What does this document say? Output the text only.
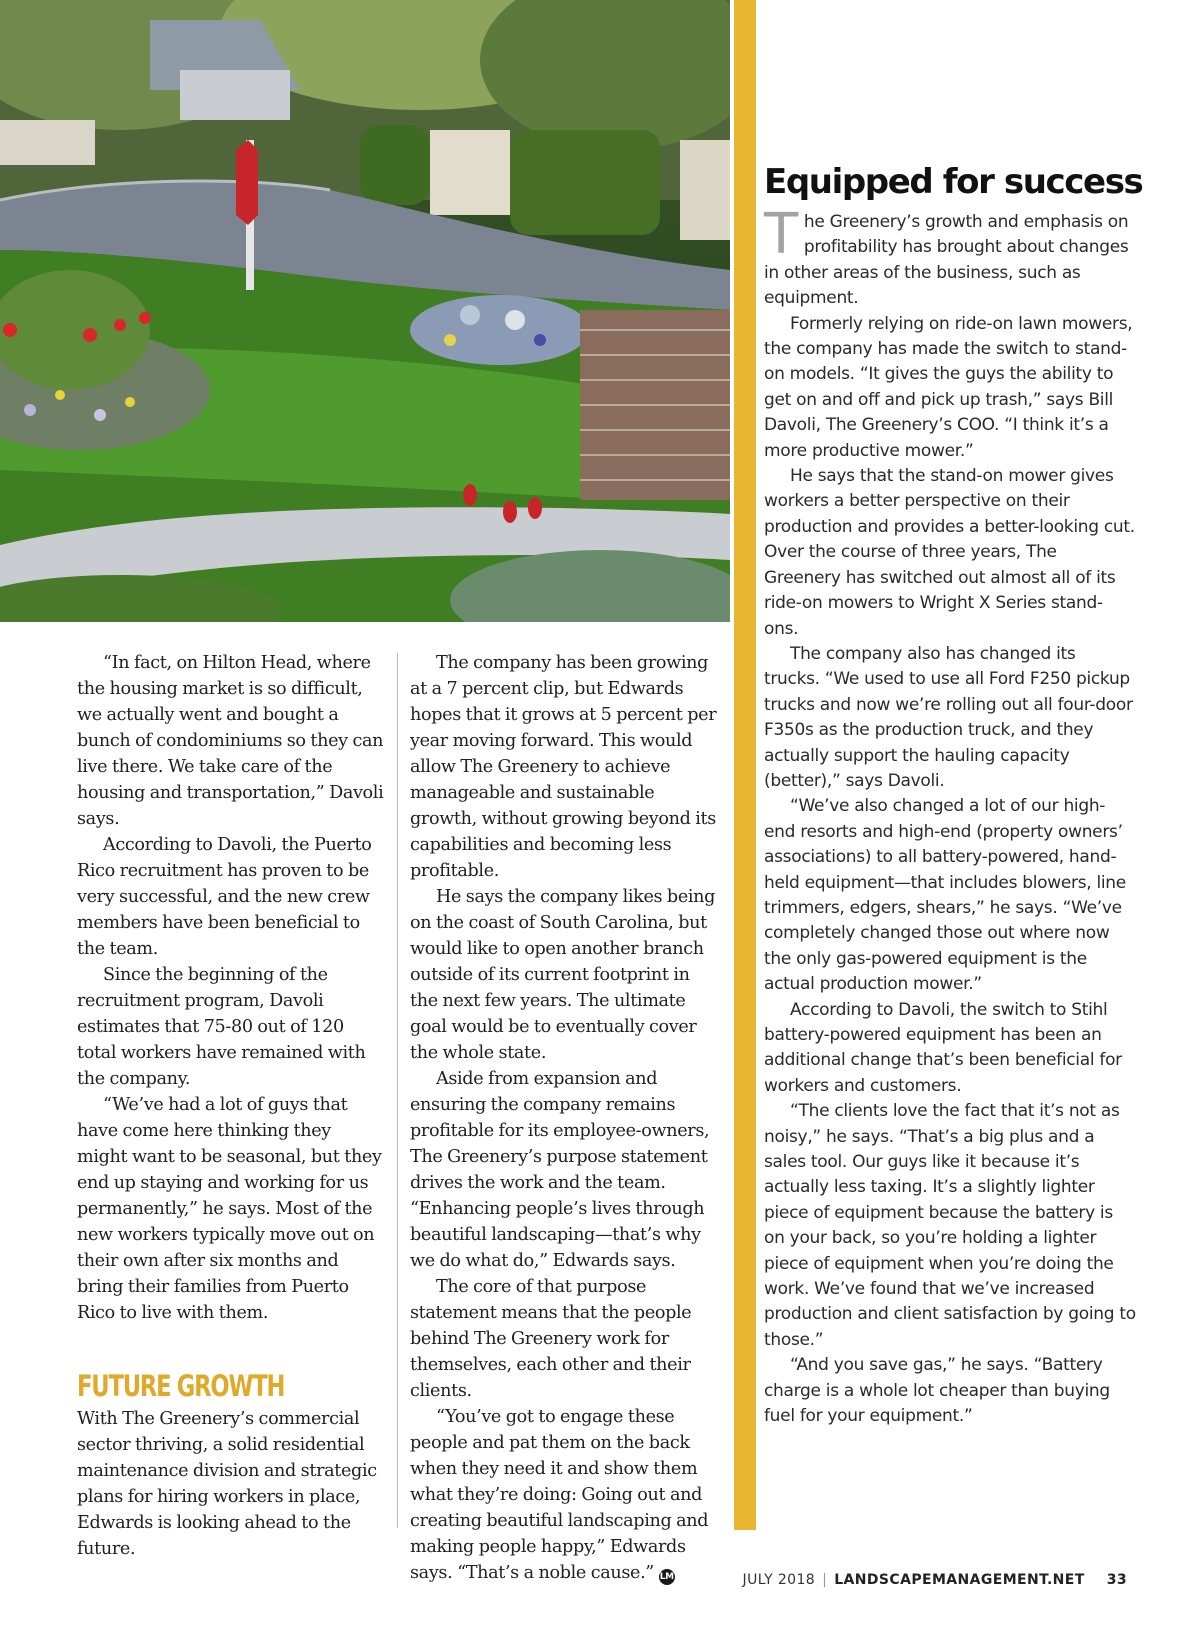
“In fact, on Hilton Head, where the housing market is so difficult, we actually went and bought a bunch of condominiums so they can live there. We take care of the housing and transportation,” Davoli says.

According to Davoli, the Puerto Rico recruitment has proven to be very successful, and the new crew members have been beneficial to the team.

Since the beginning of the recruitment program, Davoli estimates that 75-80 out of 120 total workers have remained with the company.

“We’ve had a lot of guys that have come here thinking they might want to be seasonal, but they end up staying and working for us permanently,” he says. Most of the new workers typically move out on their own after six months and bring their families from Puerto Rico to live with them.

FUTURE GROWTH

With The Greenery’s commercial sector thriving, a solid residential maintenance division and strategic plans for hiring workers in place, Edwards is looking ahead to the future.

The company has been growing at a 7 percent clip, but Edwards hopes that it grows at 5 percent per year moving forward. This would allow The Greenery to achieve manageable and sustainable growth, without growing beyond its capabilities and becoming less profitable.

He says the company likes being on the coast of South Carolina, but would like to open another branch outside of its current footprint in the next few years. The ultimate goal would be to eventually cover the whole state.

Aside from expansion and ensuring the company remains profitable for its employee-owners, The Greenery’s purpose statement drives the work and the team. “Enhancing people’s lives through beautiful landscaping—that’s why we do what do,” Edwards says.

The core of that purpose statement means that the people behind The Greenery work for themselves, each other and their clients.

“You’ve got to engage these people and pat them on the back when they need it and show them what they’re doing: Going out and creating beautiful landscaping and making people happy,” Edwards says. “That’s a noble cause.” LM

Equipped for success

The Greenery’s growth and emphasis on profitability has brought about changes in other areas of the business, such as equipment.

Formerly relying on ride-on lawn mowers, the company has made the switch to stand-on models. “It gives the guys the ability to get on and off and pick up trash,” says Bill Davoli, The Greenery’s COO. “I think it’s a more productive mower.”

He says that the stand-on mower gives workers a better perspective on their production and provides a better-looking cut. Over the course of three years, The Greenery has switched out almost all of its ride-on mowers to Wright X Series stand-ons.

The company also has changed its trucks. “We used to use all Ford F250 pickup trucks and now we’re rolling out all four-door F350s as the production truck, and they actually support the hauling capacity (better),” says Davoli.

“We’ve also changed a lot of our high-end resorts and high-end (property owners’ associations) to all battery-powered, hand-held equipment—that includes blowers, line trimmers, edgers, shears,” he says. “We’ve completely changed those out where now the only gas-powered equipment is the actual production mower.”

According to Davoli, the switch to Stihl battery-powered equipment has been an additional change that’s been beneficial for workers and customers.

“The clients love the fact that it’s not as noisy,” he says. “That’s a big plus and a sales tool. Our guys like it because it’s actually less taxing. It’s a slightly lighter piece of equipment because the battery is on your back, so you’re holding a lighter piece of equipment when you’re doing the work. We’ve found that we’ve increased production and client satisfaction by going to those.”

“And you save gas,” he says. “Battery charge is a whole lot cheaper than buying fuel for your equipment.”

JULY 2018 | LANDSCAPEMANAGEMENT.NET 33
